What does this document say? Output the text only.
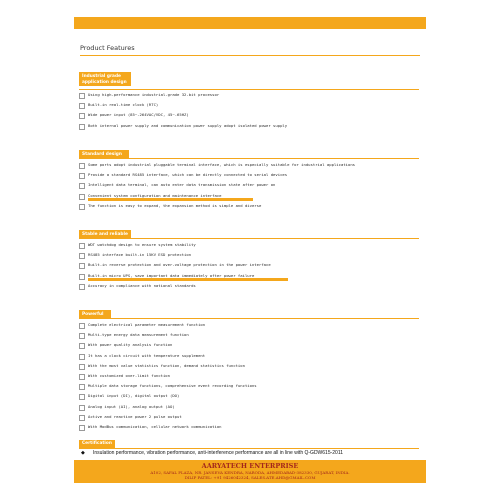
Product Features
Industrial grade application design
Using high-performance industrial-grade 32-bit processor
Built-in real-time clock (RTC)
Wide power input (85~-264VAC/VDC, 45~-65HZ)
Both internal power supply and communication power supply adopt isolated power supply
Standard design
Some ports adopt industrial pluggable terminal interface, which is especially suitable for industrial applications
Provide a standard RS485 interface, which can be directly connected to serial devices
Intelligent data terminal, can auto enter data transmission state after power on
Convenient system configuration and maintenance interface
The function is easy to expand, the expansion method is simple and diverse
Stable and reliable
WDT watchdog design to ensure system stability
RS485 interface built-in 15KV ESD protection
Built-in reverse protection and over-voltage protection in the power interface
Built-in micro UPS, save important data immediately after power failure
Accuracy in compliance with national standards
Powerful
Complete electrical parameter measurement function
Multi-type energy data measurement function
With power quality analysis function
It has a clock circuit with temperature supplement
With the most value statistics function, demand statistics function
With customized over-limit function
Multiple data storage functions, comprehensive event recording functions
Digital input (DI), digital output (DO)
Analog input (AI), analog output (AO)
Active and reactive power 2 pulse output
With ModBus communication, cellular network communication
Certification
◆ Insulation performance, vibration performance, anti-interference performance are all in line with Q-GDW615-2011
AARYATECH ENTERPRISE
A102, SAFAL PLAZA, NR. JANSEVA KENDRA, NARODA, AHMEDABAD-382330, GUJARAT, INDIA.
DILIP PATEL: +91 9426042324, SALES.ATE.AHD@GMAIL.COM
